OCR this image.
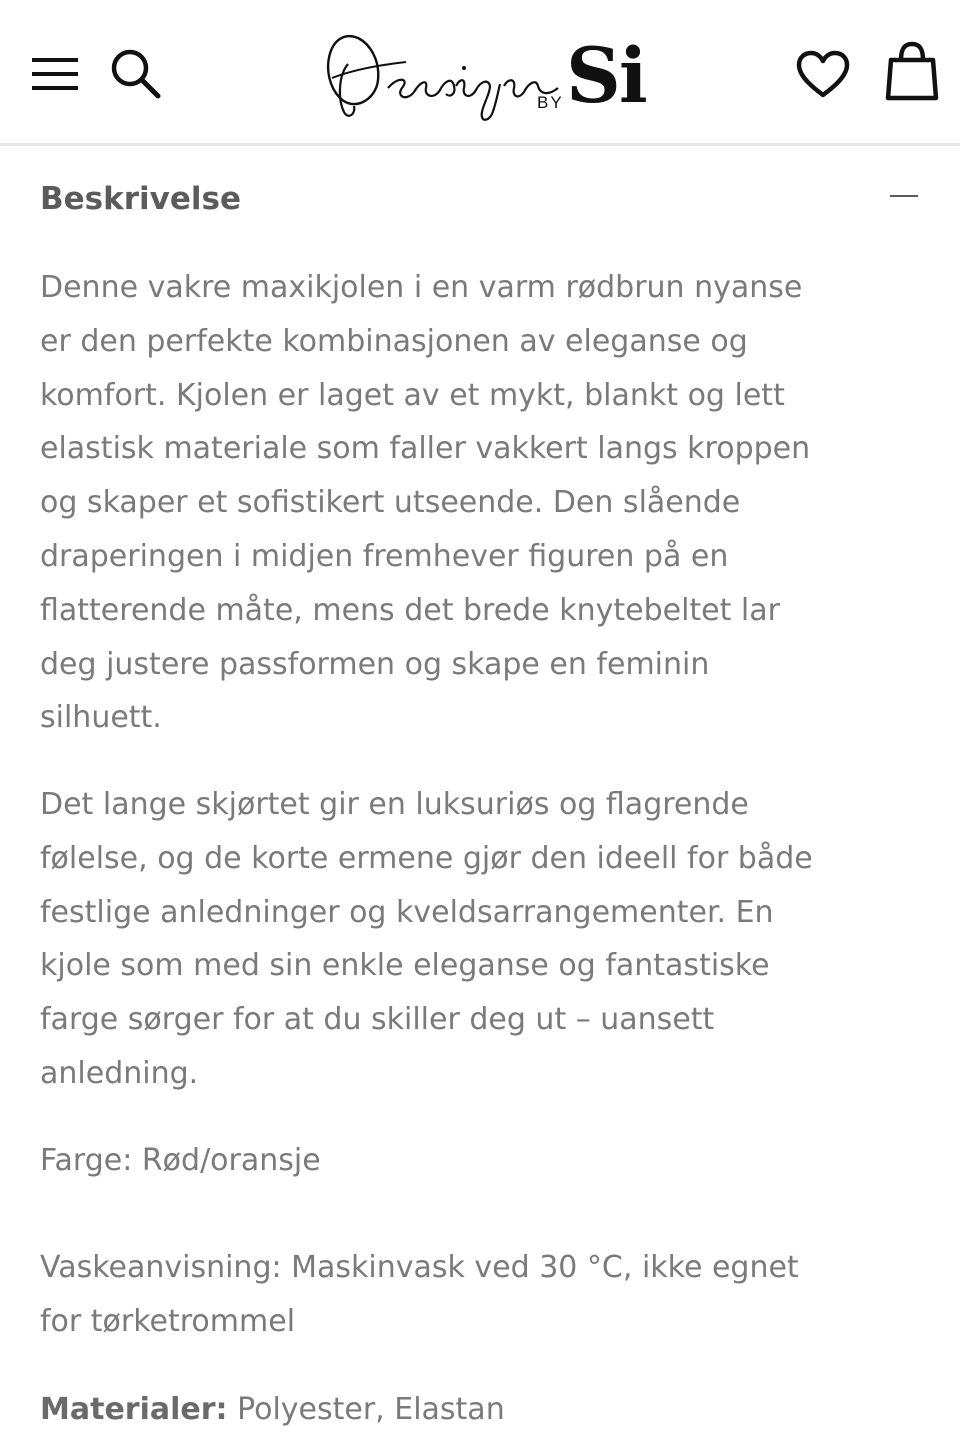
Si
BY
Beskrivelse

Denne vakre maxikjolen i en varm rødbrun nyanse
er den perfekte kombinasjonen av eleganse og
komfort. Kjolen er laget av et mykt, blankt og lett
elastisk materiale som faller vakkert langs kroppen
og skaper et sofistikert utseende. Den slående
draperingen i midjen fremhever figuren på en
flatterende måte, mens det brede knytebeltet lar
deg justere passformen og skape en feminin
silhuett.

Det lange skjørtet gir en luksuriøs og flagrende
følelse, og de korte ermene gjør den ideell for både
festlige anledninger og kveldsarrangementer. En
kjole som med sin enkle eleganse og fantastiske
farge sørger for at du skiller deg ut – uansett
anledning.

Farge: Rød/oransje

Vaskeanvisning: Maskinvask ved 30 °C, ikke egnet
for tørketrommel

Materialer: Polyester, Elastan
